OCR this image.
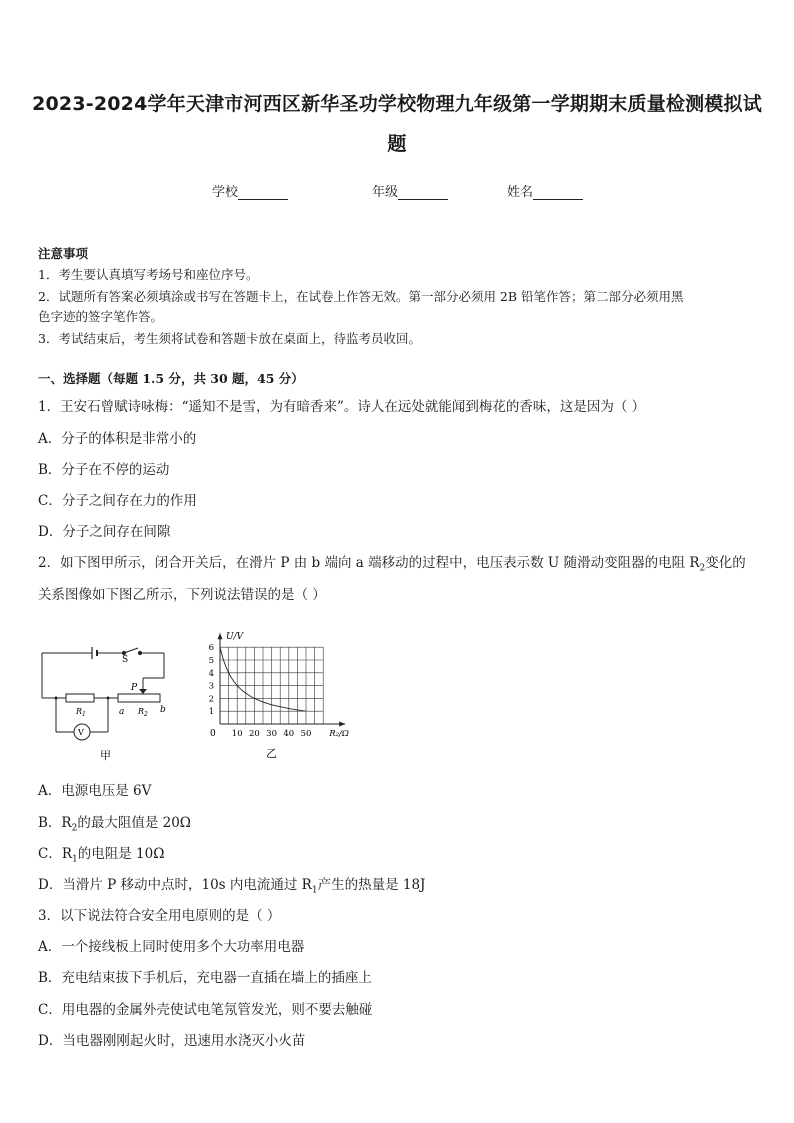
2023-2024学年天津市河西区新华圣功学校物理九年级第一学期期末质量检测模拟试
题
学校	年级	姓名
注意事项
1．考生要认真填写考场号和座位序号。
2．试题所有答案必须填涂或书写在答题卡上，在试卷上作答无效。第一部分必须用 2B 铅笔作答；第二部分必须用黑
色字迹的签字笔作答。
3．考试结束后，考生须将试卷和答题卡放在桌面上，待监考员收回。
一、选择题（每题 1.5 分，共 30 题，45 分）
1．王安石曾赋诗咏梅：“遥知不是雪，为有暗香来”。诗人在远处就能闻到梅花的香味，这是因为（ ）
A．分子的体积是非常小的
B．分子在不停的运动
C．分子之间存在力的作用
D．分子之间存在间隙
2．如下图甲所示，闭合开关后，在滑片 P 由 b 端向 a 端移动的过程中，电压表示数 U 随滑动变阻器的电阻 $R_2$变化的
关系图像如下图乙所示，下列说法错误的是（ ）
S
P
$R_1$	a $R_2$ b
V
甲
10 20 30 40 50
1
2
3
4
5
6
U/V
R₂/Ω
0
乙
A．电源电压是 6V
B．$R_2$的最大阻值是 20Ω
C．$R_1$的电阻是 10Ω
D．当滑片 P 移动中点时，10s 内电流通过 $R_1$产生的热量是 18J
3．以下说法符合安全用电原则的是（ ）
A．一个接线板上同时使用多个大功率用电器
B．充电结束拔下手机后，充电器一直插在墙上的插座上
C．用电器的金属外壳使试电笔氖管发光，则不要去触碰
D．当电器刚刚起火时，迅速用水浇灭小火苗
